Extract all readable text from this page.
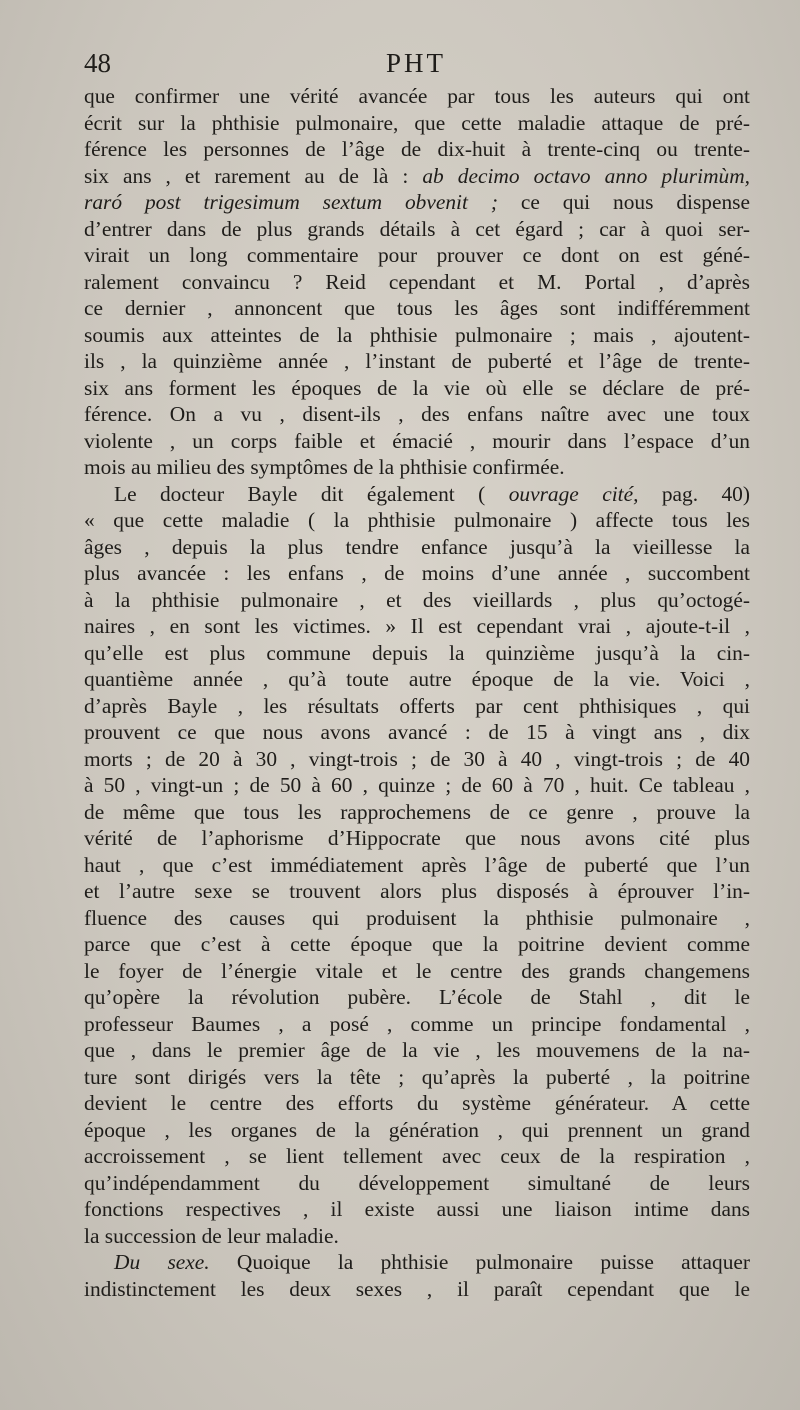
48	PHT
que confirmer une vérité avancée par tous les auteurs qui ont
écrit sur la phthisie pulmonaire, que cette maladie attaque de pré-
férence les personnes de l’âge de dix-huit à trente-cinq ou trente-
six ans , et rarement au de là : ab decimo octavo anno plurimùm,
raró post trigesimum sextum obvenit ; ce qui nous dispense
d’entrer dans de plus grands détails à cet égard ; car à quoi ser-
virait un long commentaire pour prouver ce dont on est géné-
ralement convaincu ? Reid cependant et M. Portal , d’après
ce dernier , annoncent que tous les âges sont indifféremment
soumis aux atteintes de la phthisie pulmonaire ; mais , ajoutent-
ils , la quinzième année , l’instant de puberté et l’âge de trente-
six ans forment les époques de la vie où elle se déclare de pré-
férence. On a vu , disent-ils , des enfans naître avec une toux
violente , un corps faible et émacié , mourir dans l’espace d’un
mois au milieu des symptômes de la phthisie confirmée.
Le docteur Bayle dit également ( ouvrage cité, pag. 40)
« que cette maladie ( la phthisie pulmonaire ) affecte tous les
âges , depuis la plus tendre enfance jusqu’à la vieillesse la
plus avancée : les enfans , de moins d’une année , succombent
à la phthisie pulmonaire , et des vieillards , plus qu’octogé-
naires , en sont les victimes. » Il est cependant vrai , ajoute-t-il ,
qu’elle est plus commune depuis la quinzième jusqu’à la cin-
quantième année , qu’à toute autre époque de la vie. Voici ,
d’après Bayle , les résultats offerts par cent phthisiques , qui
prouvent ce que nous avons avancé : de 15 à vingt ans , dix
morts ; de 20 à 30 , vingt-trois ; de 30 à 40 , vingt-trois ; de 40
à 50 , vingt-un ; de 50 à 60 , quinze ; de 60 à 70 , huit. Ce tableau ,
de même que tous les rapprochemens de ce genre , prouve la
vérité de l’aphorisme d’Hippocrate que nous avons cité plus
haut , que c’est immédiatement après l’âge de puberté que l’un
et l’autre sexe se trouvent alors plus disposés à éprouver l’in-
fluence des causes qui produisent la phthisie pulmonaire ,
parce que c’est à cette époque que la poitrine devient comme
le foyer de l’énergie vitale et le centre des grands changemens
qu’opère la révolution pubère. L’école de Stahl , dit le
professeur Baumes , a posé , comme un principe fondamental ,
que , dans le premier âge de la vie , les mouvemens de la na-
ture sont dirigés vers la tête ; qu’après la puberté , la poitrine
devient le centre des efforts du système générateur. A cette
époque , les organes de la génération , qui prennent un grand
accroissement , se lient tellement avec ceux de la respiration ,
qu’indépendamment du développement simultané de leurs
fonctions respectives , il existe aussi une liaison intime dans
la succession de leur maladie.
Du sexe. Quoique la phthisie pulmonaire puisse attaquer
indistinctement les deux sexes , il paraît cependant que le
